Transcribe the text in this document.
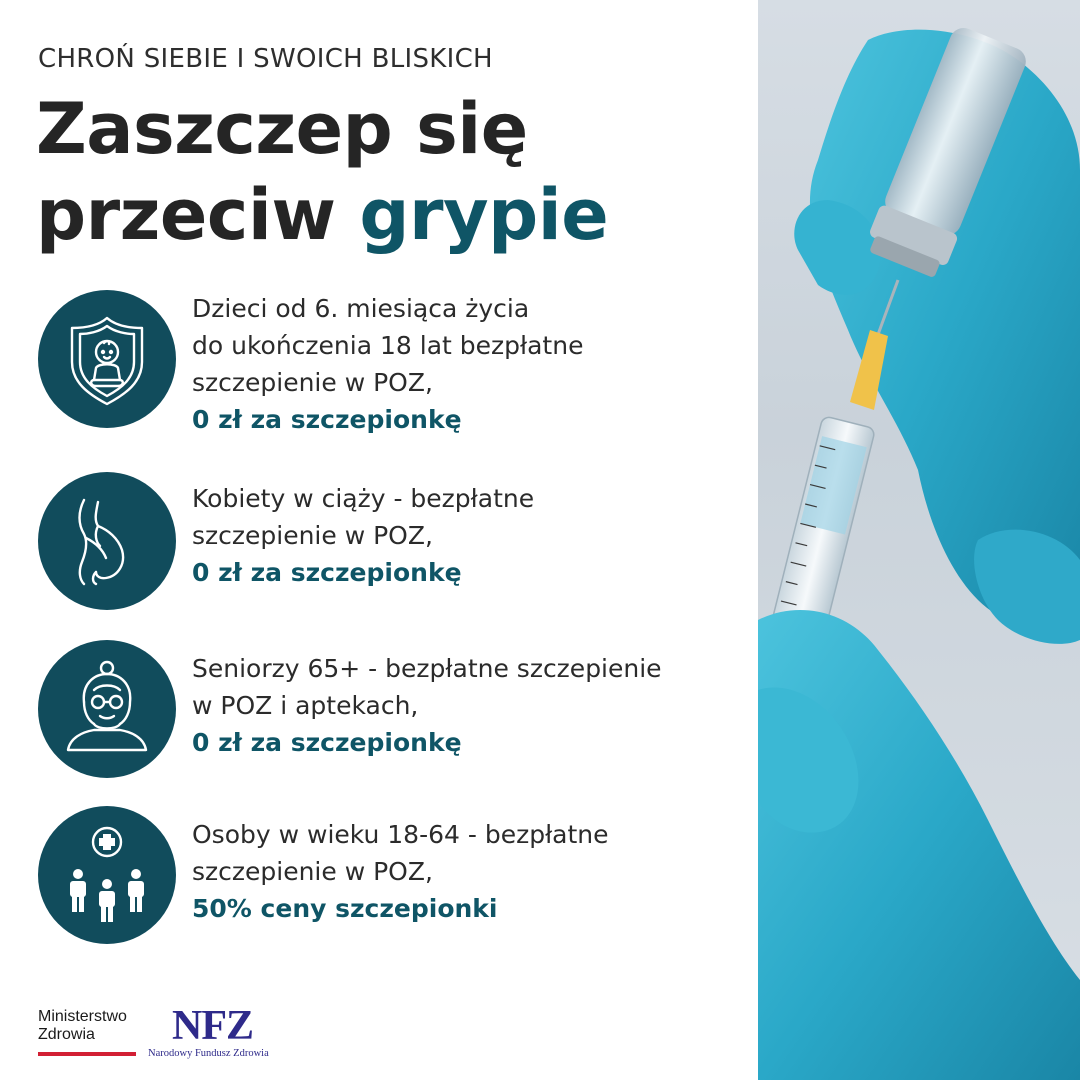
CHROŃ SIEBIE I SWOICH BLISKICH
Zaszczep się
przeciw grypie
Dzieci od 6. miesiąca życia
do ukończenia 18 lat bezpłatne
szczepienie w POZ,
0 zł za szczepionkę
Kobiety w ciąży - bezpłatne
szczepienie w POZ,
0 zł za szczepionkę
Seniorzy 65+ - bezpłatne szczepienie
w POZ i aptekach,
0 zł za szczepionkę
Osoby w wieku 18-64 - bezpłatne
szczepienie w POZ,
50% ceny szczepionki
Ministerstwo
Zdrowia	NFZ
Narodowy Fundusz Zdrowia
